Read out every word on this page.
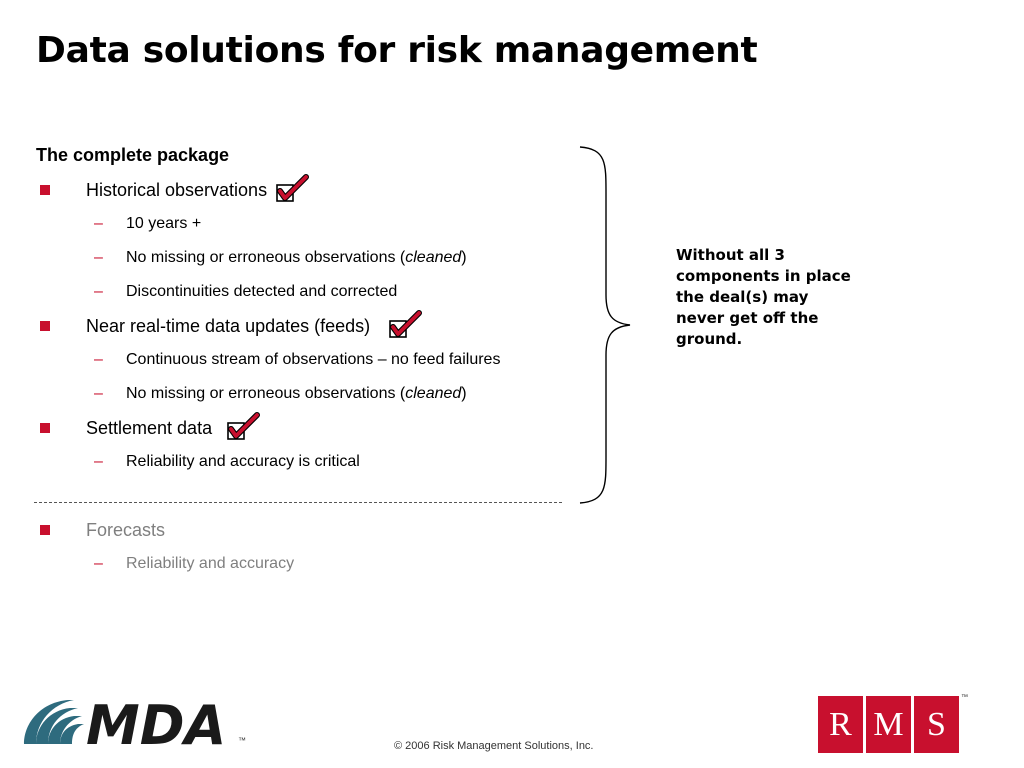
Data solutions for risk management
The complete package
Historical observations
–	10 years +
–	No missing or erroneous observations (cleaned)
–	Discontinuities detected and corrected
Near real-time data updates (feeds)
–	Continuous stream of observations – no feed failures
–	No missing or erroneous observations (cleaned)
Settlement data
–	Reliability and accuracy is critical
Forecasts
–	Reliability and accuracy
Without all 3 components in place the deal(s) may never get off the ground.
MDA ™	© 2006 Risk Management Solutions, Inc.
R M S
™
